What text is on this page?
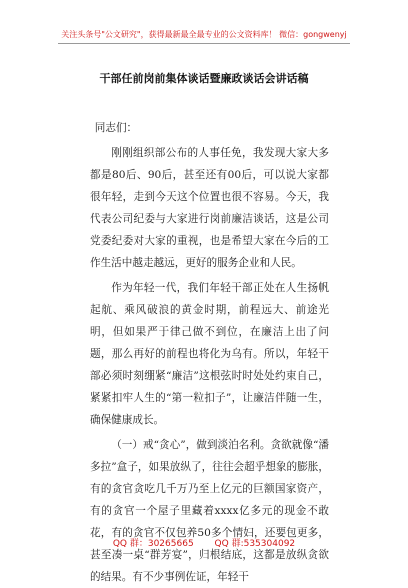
关注头条号"公文研究"，获得最新最全最专业的公文资料库！ 微信：gongwenyj
干部任前岗前集体谈话暨廉政谈话会讲话稿

同志们：

刚刚组织部公布的人事任免，我发现大家大多都是80后、90后，甚至还有00后，可以说大家都很年轻，走到今天这个位置也很不容易。今天，我代表公司纪委与大家进行岗前廉洁谈话，这是公司党委纪委对大家的重视，也是希望大家在今后的工作生活中越走越远，更好的服务企业和人民。

作为年轻一代，我们年轻干部正处在人生扬帆起航、乘风破浪的黄金时期，前程远大、前途光明，但如果严于律己做不到位，在廉洁上出了问题，那么再好的前程也将化为乌有。所以，年轻干部必须时刻绷紧“廉洁”这根弦时时处处约束自己，紧紧扣牢人生的“第一粒扣子”，让廉洁伴随一生，确保健康成长。

（一）戒“贪心”，做到淡泊名利。贪欲就像“潘多拉”盒子，如果放纵了，往往会超乎想象的膨胀，有的贪官贪吃几千万乃至上亿元的巨额国家资产，有的贪官一个屋子里藏着xxxx亿多元的现金不敢花，有的贪官不仅包养50多个情妇，还要包更多，甚至凑一桌“群芳宴”，归根结底，这都是放纵贪欲的结果。有不少事例佐证，年轻干

QQ 群：30265665 QQ 群:535304092
